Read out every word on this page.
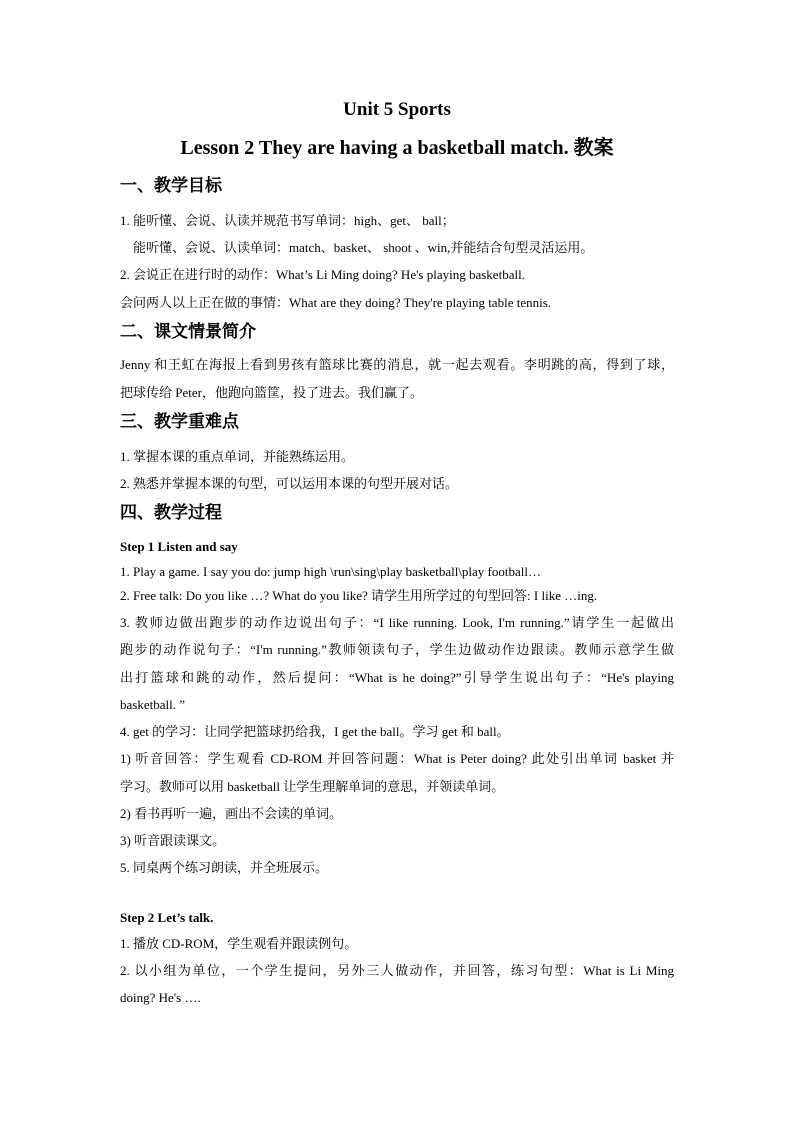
Unit 5 Sports
Lesson 2 They are having a basketball match. 教案
一、教学目标
1. 能听懂、会说、认读并规范书写单词：high、get、 ball；
能听懂、会说、认读单词：match、basket、 shoot 、win,并能结合句型灵活运用。
2. 会说正在进行时的动作：What’s Li Ming doing? He's playing basketball.
会问两人以上正在做的事情：What are they doing? They're playing table tennis.
二、课文情景简介
Jenny 和王虹在海报上看到男孩有篮球比赛的消息，就一起去观看。李明跳的高，得到了球，
把球传给 Peter，他跑向篮筐，投了进去。我们赢了。
三、教学重难点
1. 掌握本课的重点单词，并能熟练运用。
2. 熟悉并掌握本课的句型，可以运用本课的句型开展对话。
四、教学过程
Step 1 Listen and say
1. Play a game. I say you do: jump high \run\sing\play basketball\play football…
2. Free talk: Do you like …? What do you like? 请学生用所学过的句型回答: I like …ing.
3. 教师边做出跑步的动作边说出句子：“I like running. Look, I'm running.”请学生一起做出
跑步的动作说句子：“I'm running.”教师领读句子，学生边做动作边跟读。教师示意学生做
出打篮球和跳的动作，然后提问：“What is he doing?”引导学生说出句子：“He's playing
basketball. ”
4. get 的学习：让同学把篮球扔给我，I get the ball。学习 get 和 ball。
1) 听音回答：学生观看 CD-ROM 并回答问题：What is Peter doing? 此处引出单词 basket 并
学习。教师可以用 basketball 让学生理解单词的意思，并领读单词。
2) 看书再听一遍，画出不会读的单词。
3) 听音跟读课文。
5. 同桌两个练习朗读，并全班展示。
Step 2 Let’s talk.
1. 播放 CD-ROM，学生观看并跟读例句。
2. 以小组为单位，一个学生提问，另外三人做动作，并回答，练习句型：What is Li Ming
doing? He's ….
